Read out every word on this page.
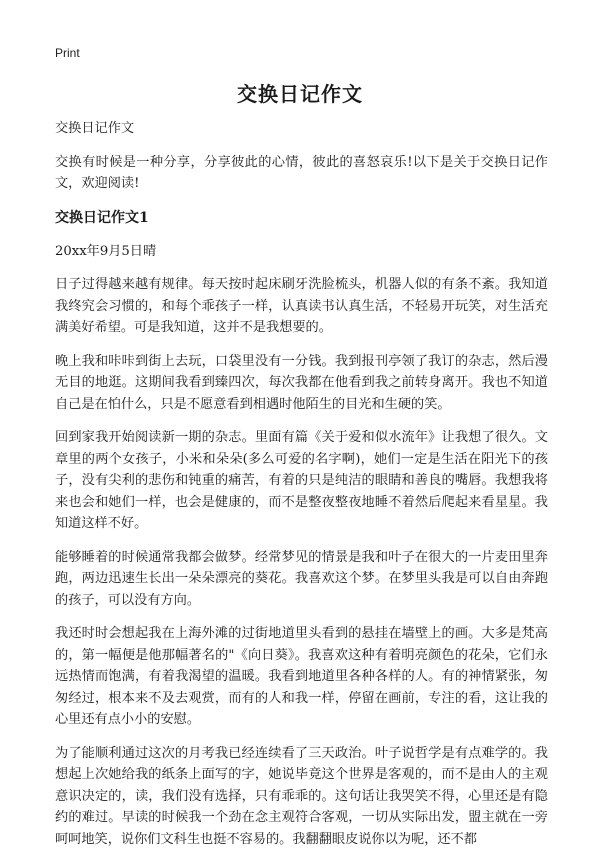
Print
交换日记作文

交换日记作文

交换有时候是一种分享，分享彼此的心情，彼此的喜怒哀乐!以下是关于交换日记作文，欢迎阅读!

交换日记作文1
20xx年9月5日晴

日子过得越来越有规律。每天按时起床刷牙洗脸梳头，机器人似的有条不紊。我知道我终究会习惯的，和每个乖孩子一样，认真读书认真生活，不轻易开玩笑，对生活充满美好希望。可是我知道，这并不是我想要的。

晚上我和咔咔到街上去玩，口袋里没有一分钱。我到报刊亭领了我订的杂志，然后漫无目的地逛。这期间我看到臻四次，每次我都在他看到我之前转身离开。我也不知道自己是在怕什么，只是不愿意看到相遇时他陌生的目光和生硬的笑。

回到家我开始阅读新一期的杂志。里面有篇《关于爱和似水流年》让我想了很久。文章里的两个女孩子，小米和朵朵(多么可爱的名字啊)，她们一定是生活在阳光下的孩子，没有尖利的悲伤和钝重的痛苦，有着的只是纯洁的眼睛和善良的嘴唇。我想我将来也会和她们一样，也会是健康的，而不是整夜整夜地睡不着然后爬起来看星星。我知道这样不好。

能够睡着的时候通常我都会做梦。经常梦见的情景是我和叶子在很大的一片麦田里奔跑，两边迅速生长出一朵朵漂亮的葵花。我喜欢这个梦。在梦里头我是可以自由奔跑的孩子，可以没有方向。

我还时时会想起我在上海外滩的过街地道里头看到的悬挂在墙壁上的画。大多是梵高的，第一幅便是他那幅著名的"《向日葵》。我喜欢这种有着明亮颜色的花朵，它们永远热情而饱满，有着我渴望的温暖。我看到地道里各种各样的人。有的神情紧张，匆匆经过，根本来不及去观赏，而有的人和我一样，停留在画前，专注的看，这让我的心里还有点小小的安慰。

为了能顺利通过这次的月考我已经连续看了三天政治。叶子说哲学是有点难学的。我想起上次她给我的纸条上面写的字，她说毕竟这个世界是客观的，而不是由人的主观意识决定的，读，我们没有选择，只有乖乖的。这句话让我哭笑不得，心里还是有隐约的难过。早读的时候我一个劲在念主观符合客观，一切从实际出发，盟主就在一旁呵呵地笑，说你们文科生也挺不容易的。我翻翻眼皮说你以为呢，还不都
